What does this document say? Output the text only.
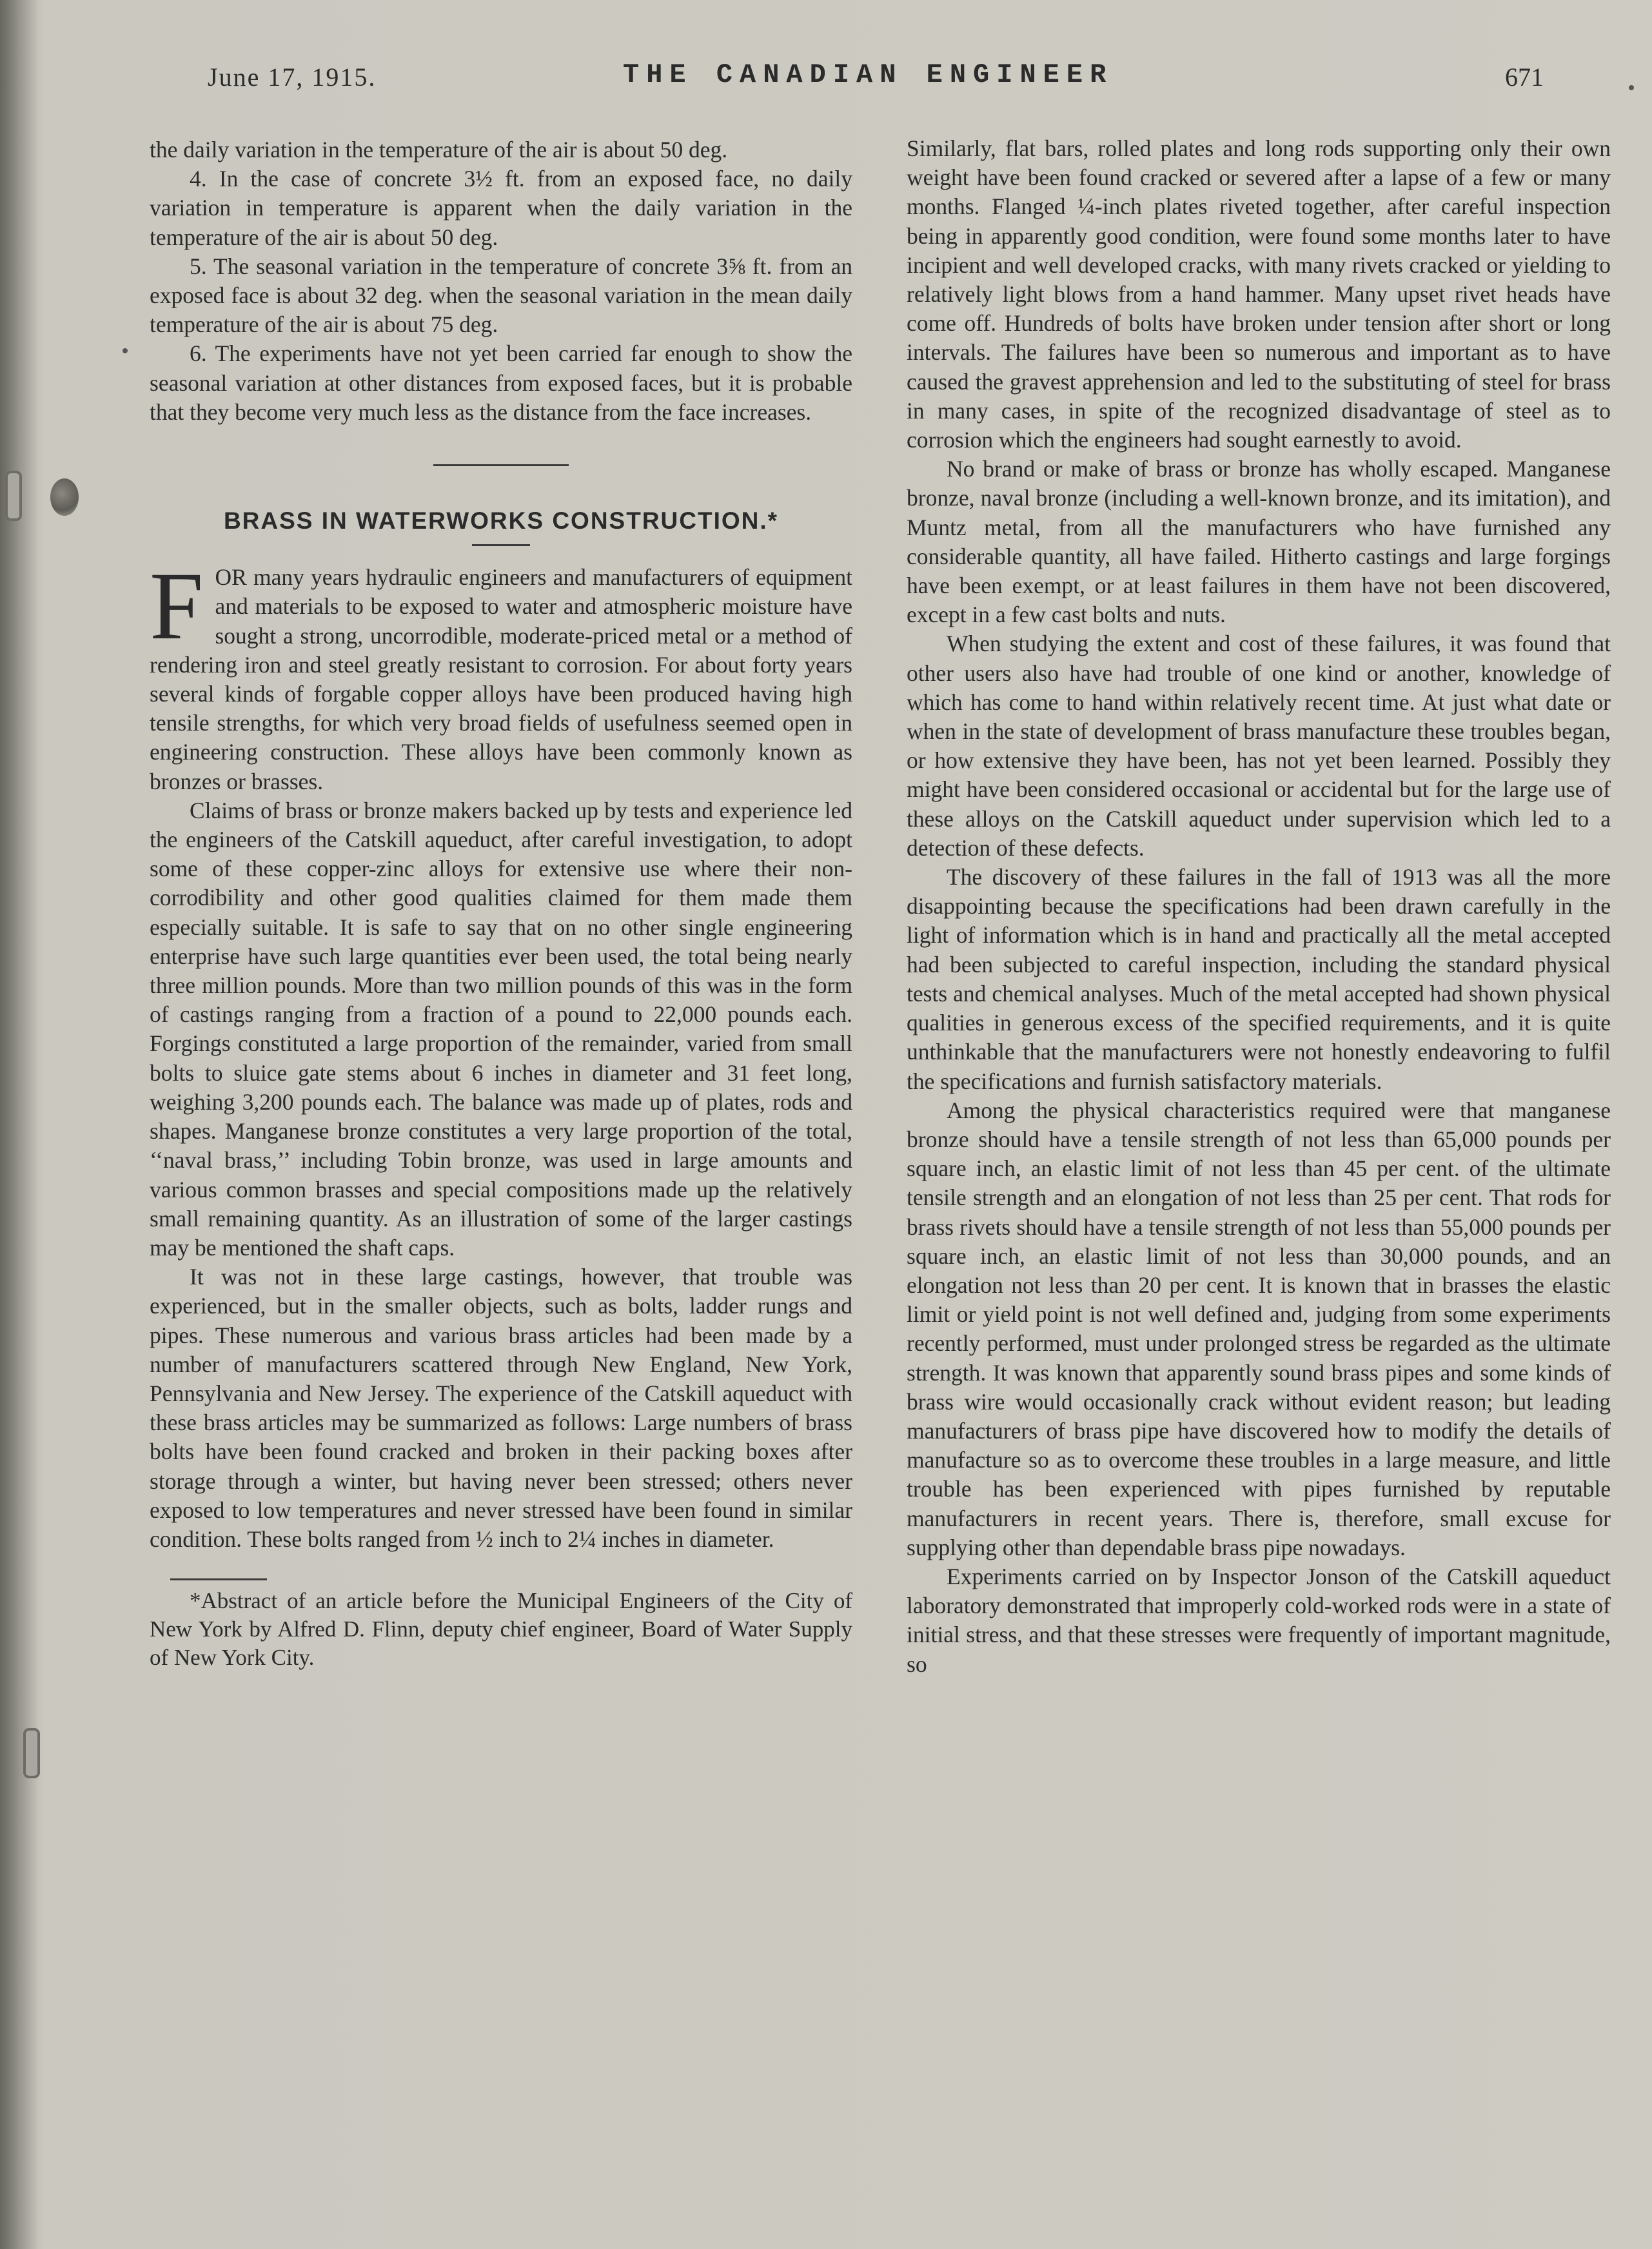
June 17, 1915.	THE CANADIAN ENGINEER	671

the daily variation in the temperature of the air is about 50 deg.

4. In the case of concrete 3½ ft. from an exposed face, no daily variation in temperature is apparent when the daily variation in the temperature of the air is about 50 deg.

5. The seasonal variation in the temperature of concrete 3⅝ ft. from an exposed face is about 32 deg. when the seasonal variation in the mean daily temperature of the air is about 75 deg.

6. The experiments have not yet been carried far enough to show the seasonal variation at other distances from exposed faces, but it is probable that they become very much less as the distance from the face increases.

BRASS IN WATERWORKS CONSTRUCTION.*

F OR many years hydraulic engineers and manufacturers of equipment and materials to be exposed to water and atmospheric moisture have sought a strong, uncorrodible, moderate-priced metal or a method of rendering iron and steel greatly resistant to corrosion. For about forty years several kinds of forgable copper alloys have been produced having high tensile strengths, for which very broad fields of usefulness seemed open in engineering construction. These alloys have been commonly known as bronzes or brasses.

Claims of brass or bronze makers backed up by tests and experience led the engineers of the Catskill aqueduct, after careful investigation, to adopt some of these copper-zinc alloys for extensive use where their non-corrodibility and other good qualities claimed for them made them especially suitable. It is safe to say that on no other single engineering enterprise have such large quantities ever been used, the total being nearly three million pounds. More than two million pounds of this was in the form of castings ranging from a fraction of a pound to 22,000 pounds each. Forgings constituted a large proportion of the remainder, varied from small bolts to sluice gate stems about 6 inches in diameter and 31 feet long, weighing 3,200 pounds each. The balance was made up of plates, rods and shapes. Manganese bronze constitutes a very large proportion of the total, ‘‘naval brass,’’ including Tobin bronze, was used in large amounts and various common brasses and special compositions made up the relatively small remaining quantity. As an illustration of some of the larger castings may be mentioned the shaft caps.

It was not in these large castings, however, that trouble was experienced, but in the smaller objects, such as bolts, ladder rungs and pipes. These numerous and various brass articles had been made by a number of manufacturers scattered through New England, New York, Pennsylvania and New Jersey. The experience of the Catskill aqueduct with these brass articles may be summarized as follows: Large numbers of brass bolts have been found cracked and broken in their packing boxes after storage through a winter, but having never been stressed; others never exposed to low temperatures and never stressed have been found in similar condition. These bolts ranged from ½ inch to 2¼ inches in diameter.

*Abstract of an article before the Municipal Engineers of the City of New York by Alfred D. Flinn, deputy chief engineer, Board of Water Supply of New York City.

Similarly, flat bars, rolled plates and long rods supporting only their own weight have been found cracked or severed after a lapse of a few or many months. Flanged ¼-inch plates riveted together, after careful inspection being in apparently good condition, were found some months later to have incipient and well developed cracks, with many rivets cracked or yielding to relatively light blows from a hand hammer. Many upset rivet heads have come off. Hundreds of bolts have broken under tension after short or long intervals. The failures have been so numerous and important as to have caused the gravest apprehension and led to the substituting of steel for brass in many cases, in spite of the recognized disadvantage of steel as to corrosion which the engineers had sought earnestly to avoid.

No brand or make of brass or bronze has wholly escaped. Manganese bronze, naval bronze (including a well-known bronze, and its imitation), and Muntz metal, from all the manufacturers who have furnished any considerable quantity, all have failed. Hitherto castings and large forgings have been exempt, or at least failures in them have not been discovered, except in a few cast bolts and nuts.

When studying the extent and cost of these failures, it was found that other users also have had trouble of one kind or another, knowledge of which has come to hand within relatively recent time. At just what date or when in the state of development of brass manufacture these troubles began, or how extensive they have been, has not yet been learned. Possibly they might have been considered occasional or accidental but for the large use of these alloys on the Catskill aqueduct under supervision which led to a detection of these defects.

The discovery of these failures in the fall of 1913 was all the more disappointing because the specifications had been drawn carefully in the light of information which is in hand and practically all the metal accepted had been subjected to careful inspection, including the standard physical tests and chemical analyses. Much of the metal accepted had shown physical qualities in generous excess of the specified requirements, and it is quite unthinkable that the manufacturers were not honestly endeavoring to fulfil the specifications and furnish satisfactory materials.

Among the physical characteristics required were that manganese bronze should have a tensile strength of not less than 65,000 pounds per square inch, an elastic limit of not less than 45 per cent. of the ultimate tensile strength and an elongation of not less than 25 per cent. That rods for brass rivets should have a tensile strength of not less than 55,000 pounds per square inch, an elastic limit of not less than 30,000 pounds, and an elongation not less than 20 per cent. It is known that in brasses the elastic limit or yield point is not well defined and, judging from some experiments recently performed, must under prolonged stress be regarded as the ultimate strength. It was known that apparently sound brass pipes and some kinds of brass wire would occasionally crack without evident reason; but leading manufacturers of brass pipe have discovered how to modify the details of manufacture so as to overcome these troubles in a large measure, and little trouble has been experienced with pipes furnished by reputable manufacturers in recent years. There is, therefore, small excuse for supplying other than dependable brass pipe nowadays.

Experiments carried on by Inspector Jonson of the Catskill aqueduct laboratory demonstrated that improperly cold-worked rods were in a state of initial stress, and that these stresses were frequently of important magnitude, so
